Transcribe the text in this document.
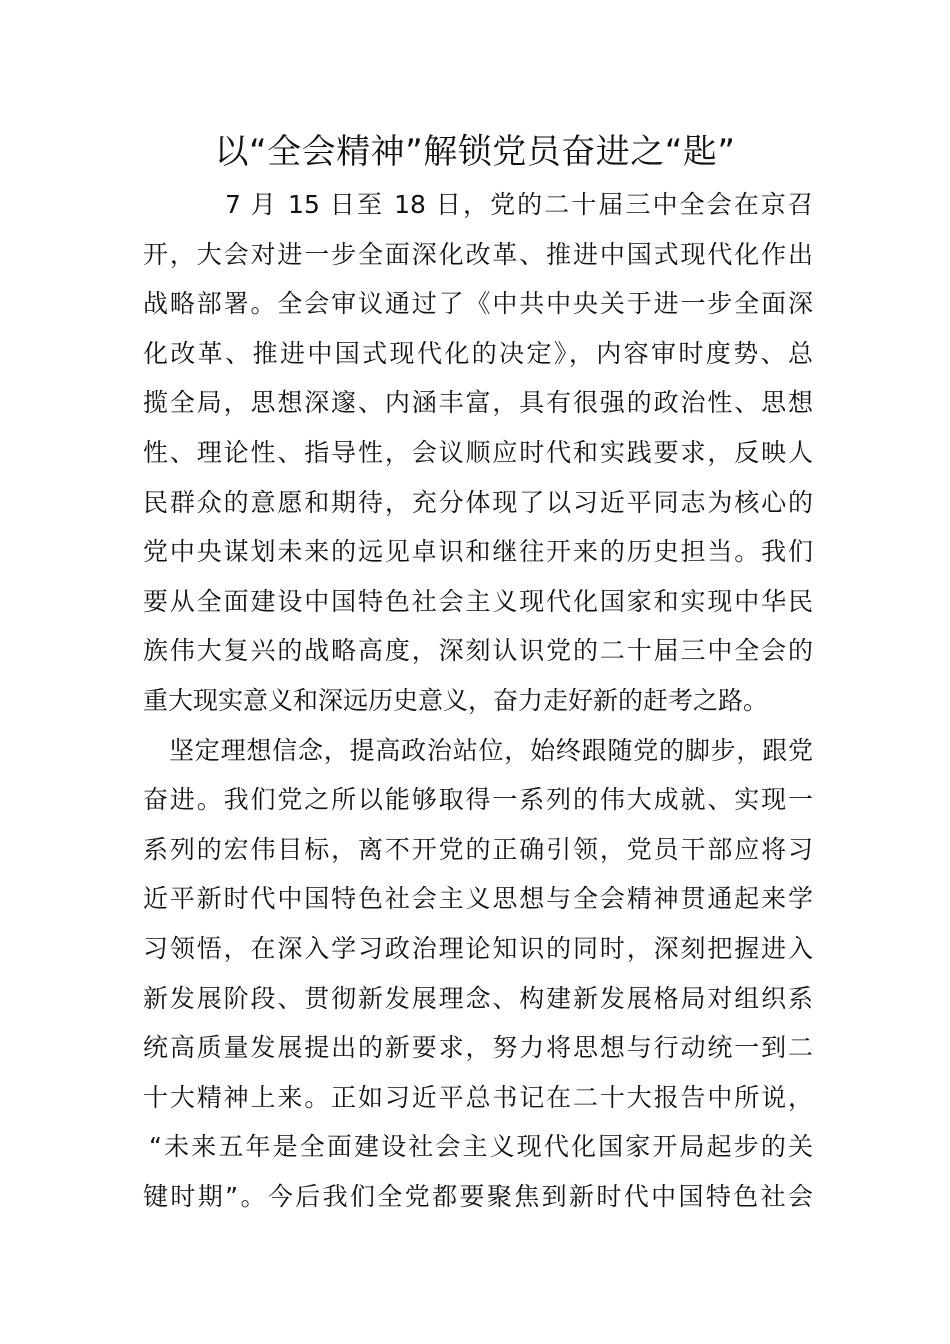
以“全会精神”解锁党员奋进之“匙”
7 月 15 日至 18 日，党的二十届三中全会在京召
开，大会对进一步全面深化改革、推进中国式现代化作出
战略部署。全会审议通过了《中共中央关于进一步全面深
化改革、推进中国式现代化的决定》，内容审时度势、总
揽全局，思想深邃、内涵丰富，具有很强的政治性、思想
性、理论性、指导性，会议顺应时代和实践要求，反映人
民群众的意愿和期待，充分体现了以习近平同志为核心的
党中央谋划未来的远见卓识和继往开来的历史担当。我们
要从全面建设中国特色社会主义现代化国家和实现中华民
族伟大复兴的战略高度，深刻认识党的二十届三中全会的
重大现实意义和深远历史意义，奋力走好新的赶考之路。
坚定理想信念，提高政治站位，始终跟随党的脚步，跟党
奋进。我们党之所以能够取得一系列的伟大成就、实现一
系列的宏伟目标，离不开党的正确引领，党员干部应将习
近平新时代中国特色社会主义思想与全会精神贯通起来学
习领悟，在深入学习政治理论知识的同时，深刻把握进入
新发展阶段、贯彻新发展理念、构建新发展格局对组织系
统高质量发展提出的新要求，努力将思想与行动统一到二
十大精神上来。正如习近平总书记在二十大报告中所说，
“未来五年是全面建设社会主义现代化国家开局起步的关
键时期”。今后我们全党都要聚焦到新时代中国特色社会
